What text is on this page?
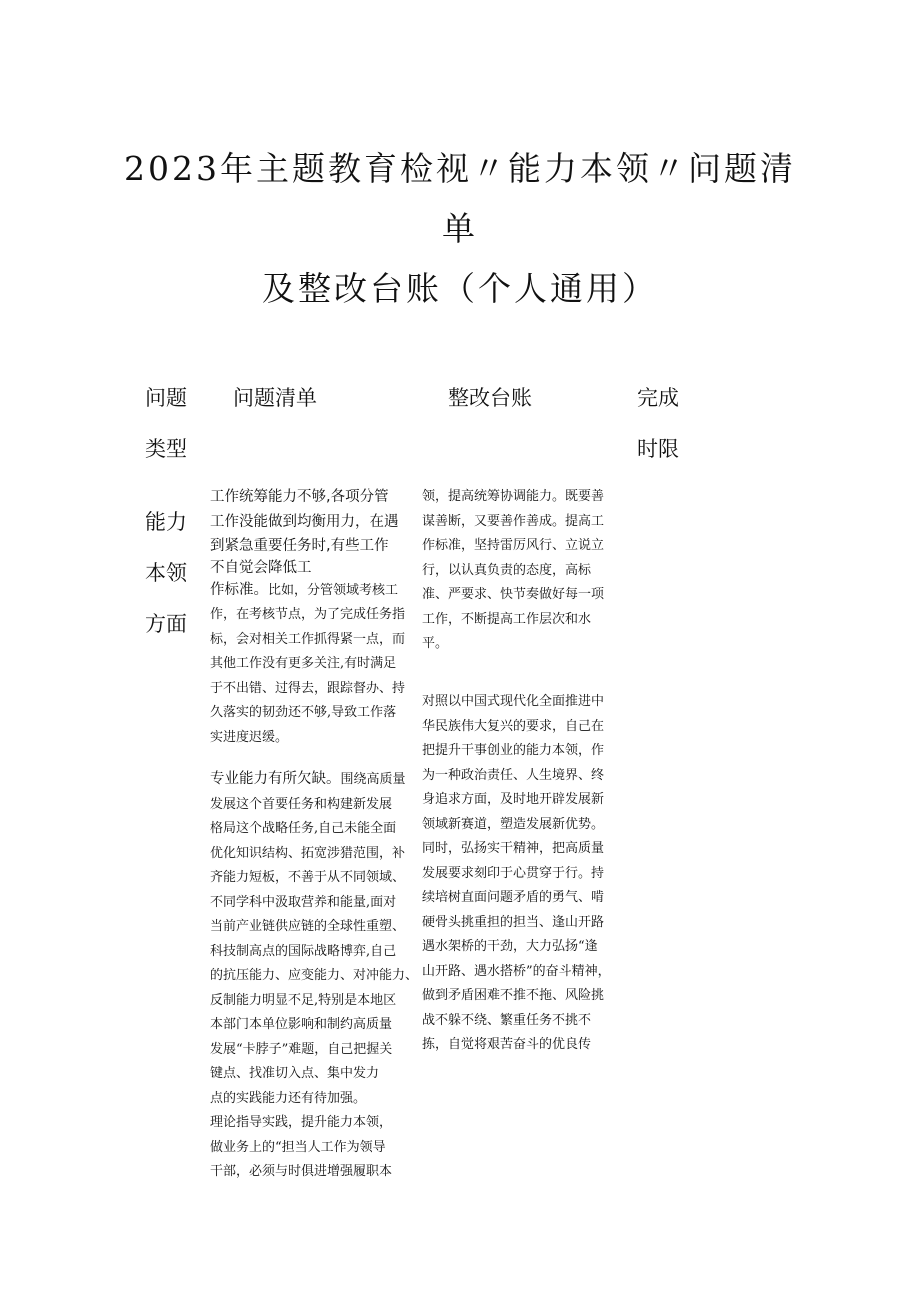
2023年主题教育检视〃能力本领〃问题清
单
及整改台账（个人通用）
问题
类型
问题清单	整改台账	完成
时限
能力
本领
方面
工作统筹能力不够,各项分管
工作没能做到均衡用力，在遇
到紧急重要任务时,有些工作
不自觉会降低工
作标准。比如，分管领域考核工
作，在考核节点，为了完成任务指
标，会对相关工作抓得紧一点，而
其他工作没有更多关注,有时满足
于不出错、过得去，跟踪督办、持
久落实的韧劲还不够,导致工作落
实进度迟缓。
专业能力有所欠缺。围绕高质量
发展这个首要任务和构建新发展
格局这个战略任务,自己未能全面
优化知识结构、拓宽涉猎范围，补
齐能力短板，不善于从不同领域、
不同学科中汲取营养和能量,面对
当前产业链供应链的全球性重塑、
科技制高点的国际战略博弈,自己
的抗压能力、应变能力、对冲能力、
反制能力明显不足,特别是本地区
本部门本单位影响和制约高质量
发展“卡脖子”难题，自己把握关
键点、找准切入点、集中发力
点的实践能力还有待加强。
理论指导实践，提升能力本领，
做业务上的“担当人工作为领导
干部，必须与时俱进增强履职本
领，提高统筹协调能力。既要善
谋善断，又要善作善成。提高工
作标准，坚持雷厉风行、立说立
行，以认真负责的态度，高标
准、严要求、快节奏做好每一项
工作，不断提高工作层次和水
平。
对照以中国式现代化全面推进中
华民族伟大复兴的要求，自己在
把提升干事创业的能力本领，作
为一种政治责任、人生境界、终
身追求方面，及时地开辟发展新
领域新赛道，塑造发展新优势。
同时，弘扬实干精神，把高质量
发展要求刻印于心贯穿于行。持
续培树直面问题矛盾的勇气、啃
硬骨头挑重担的担当、逢山开路
遇水架桥的干劲，大力弘扬“逢
山开路、遇水搭桥”的奋斗精神，
做到矛盾困难不推不拖、风险挑
战不躲不绕、繁重任务不挑不
拣，自觉将艰苦奋斗的优良传
